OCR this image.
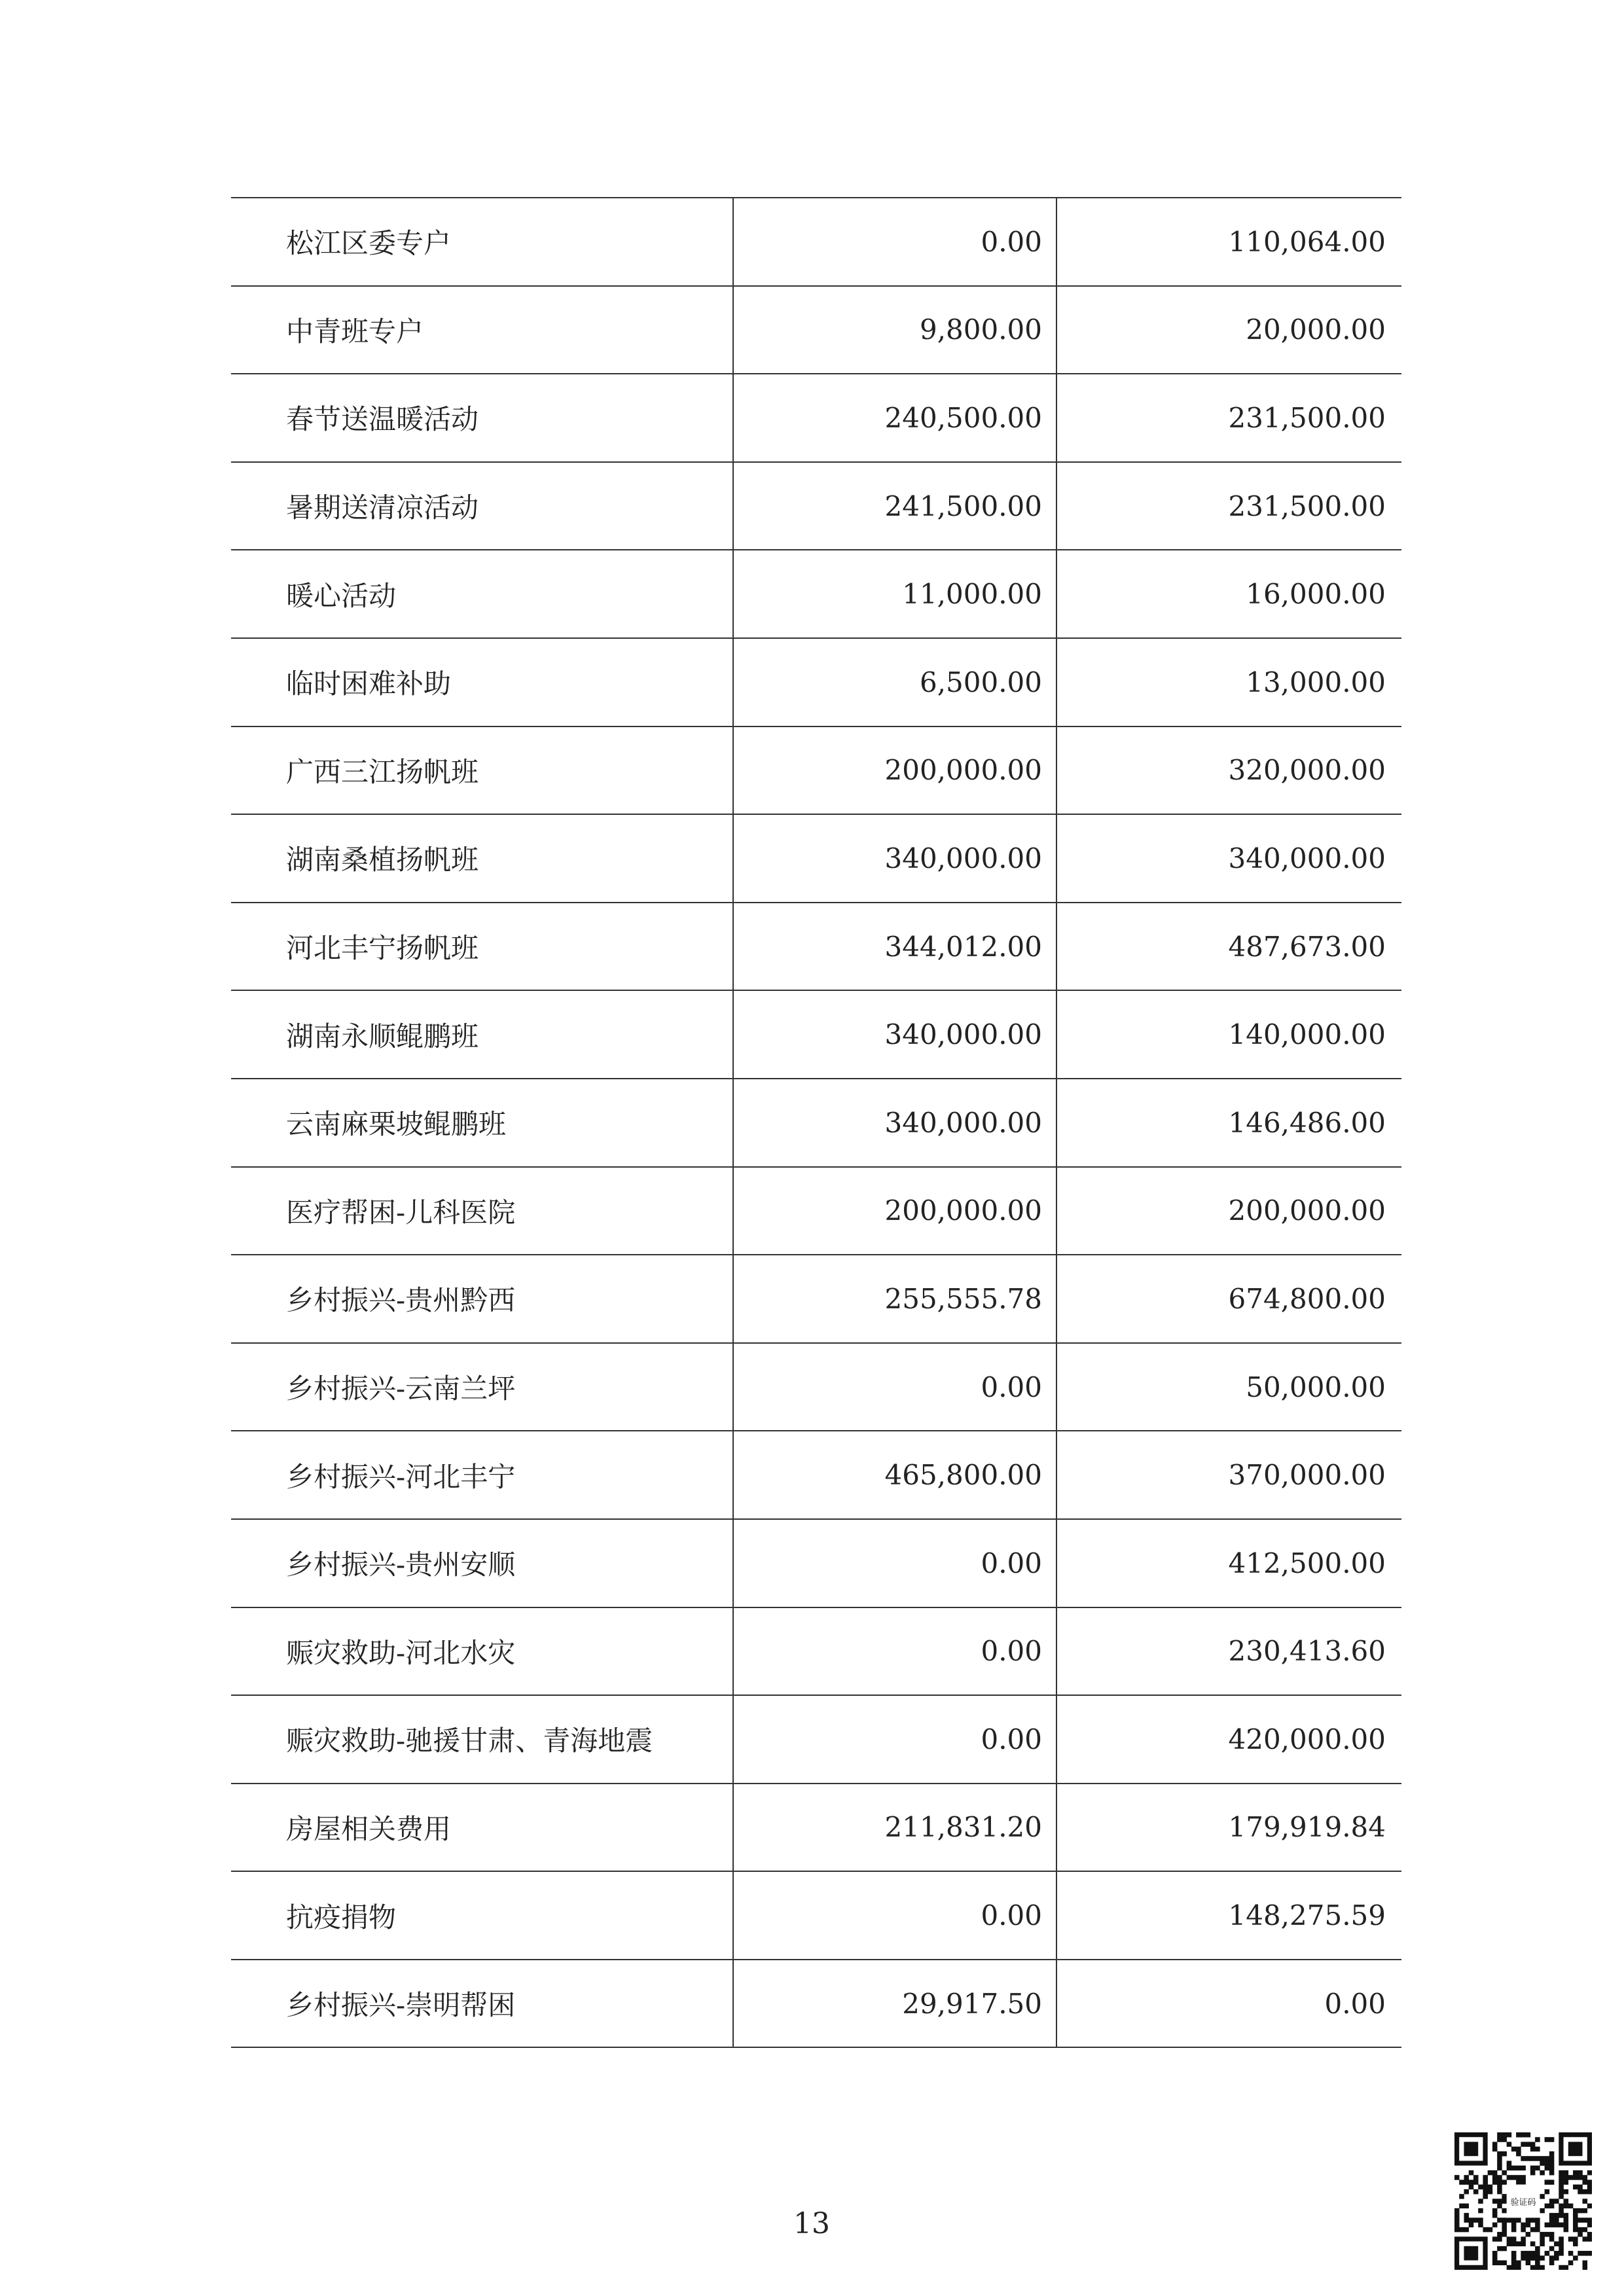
松江区委专户	0.00	110,064.00
中青班专户	9,800.00	20,000.00
春节送温暖活动	240,500.00	231,500.00
暑期送清凉活动	241,500.00	231,500.00
暖心活动	11,000.00	16,000.00
临时困难补助	6,500.00	13,000.00
广西三江扬帆班	200,000.00	320,000.00
湖南桑植扬帆班	340,000.00	340,000.00
河北丰宁扬帆班	344,012.00	487,673.00
湖南永顺鲲鹏班	340,000.00	140,000.00
云南麻栗坡鲲鹏班	340,000.00	146,486.00
医疗帮困-儿科医院	200,000.00	200,000.00
乡村振兴-贵州黔西	255,555.78	674,800.00
乡村振兴-云南兰坪	0.00	50,000.00
乡村振兴-河北丰宁	465,800.00	370,000.00
乡村振兴-贵州安顺	0.00	412,500.00
赈灾救助-河北水灾	0.00	230,413.60
赈灾救助-驰援甘肃、青海地震	0.00	420,000.00
房屋相关费用	211,831.20	179,919.84
抗疫捐物	0.00	148,275.59
乡村振兴-崇明帮困	29,917.50	0.00
13
验证码
